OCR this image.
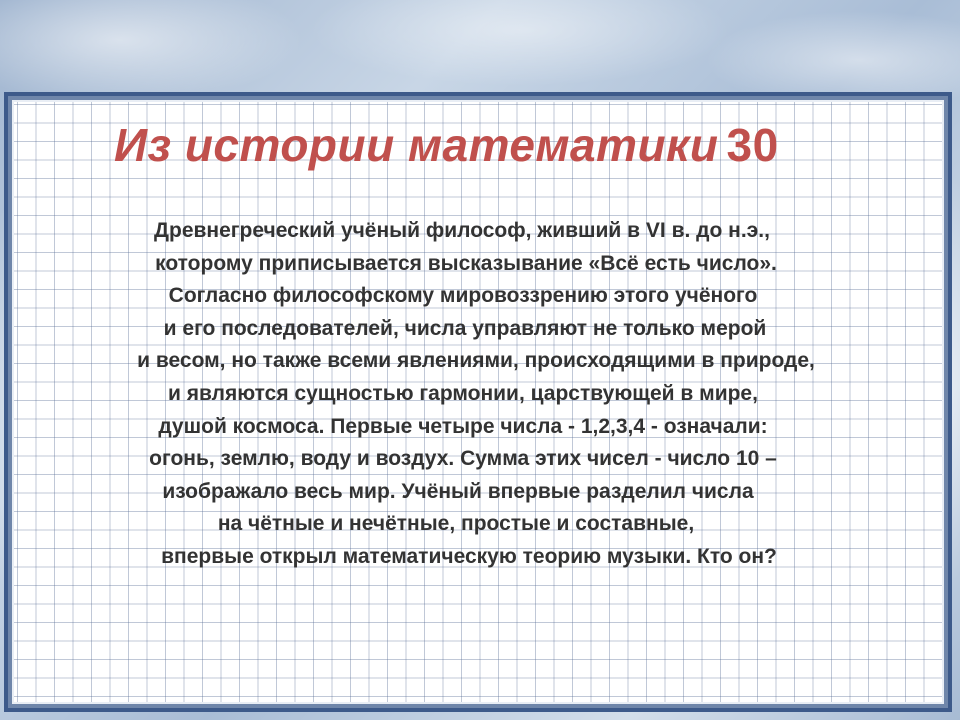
Из истории математики 30

Древнегреческий учёный философ, живший в VI в. до н.э.,
которому приписывается высказывание «Всё есть число».
Согласно философскому мировоззрению этого учёного
и его последователей, числа управляют не только мерой
и весом, но также всеми явлениями, происходящими в природе,
и являются сущностью гармонии, царствующей в мире,
душой космоса. Первые четыре числа - 1,2,3,4 - означали:
огонь, землю, воду и воздух. Сумма этих чисел - число 10 –
изображало весь мир. Учёный впервые разделил числа
на чётные и нечётные, простые и составные,
впервые открыл математическую теорию музыки. Кто он?
